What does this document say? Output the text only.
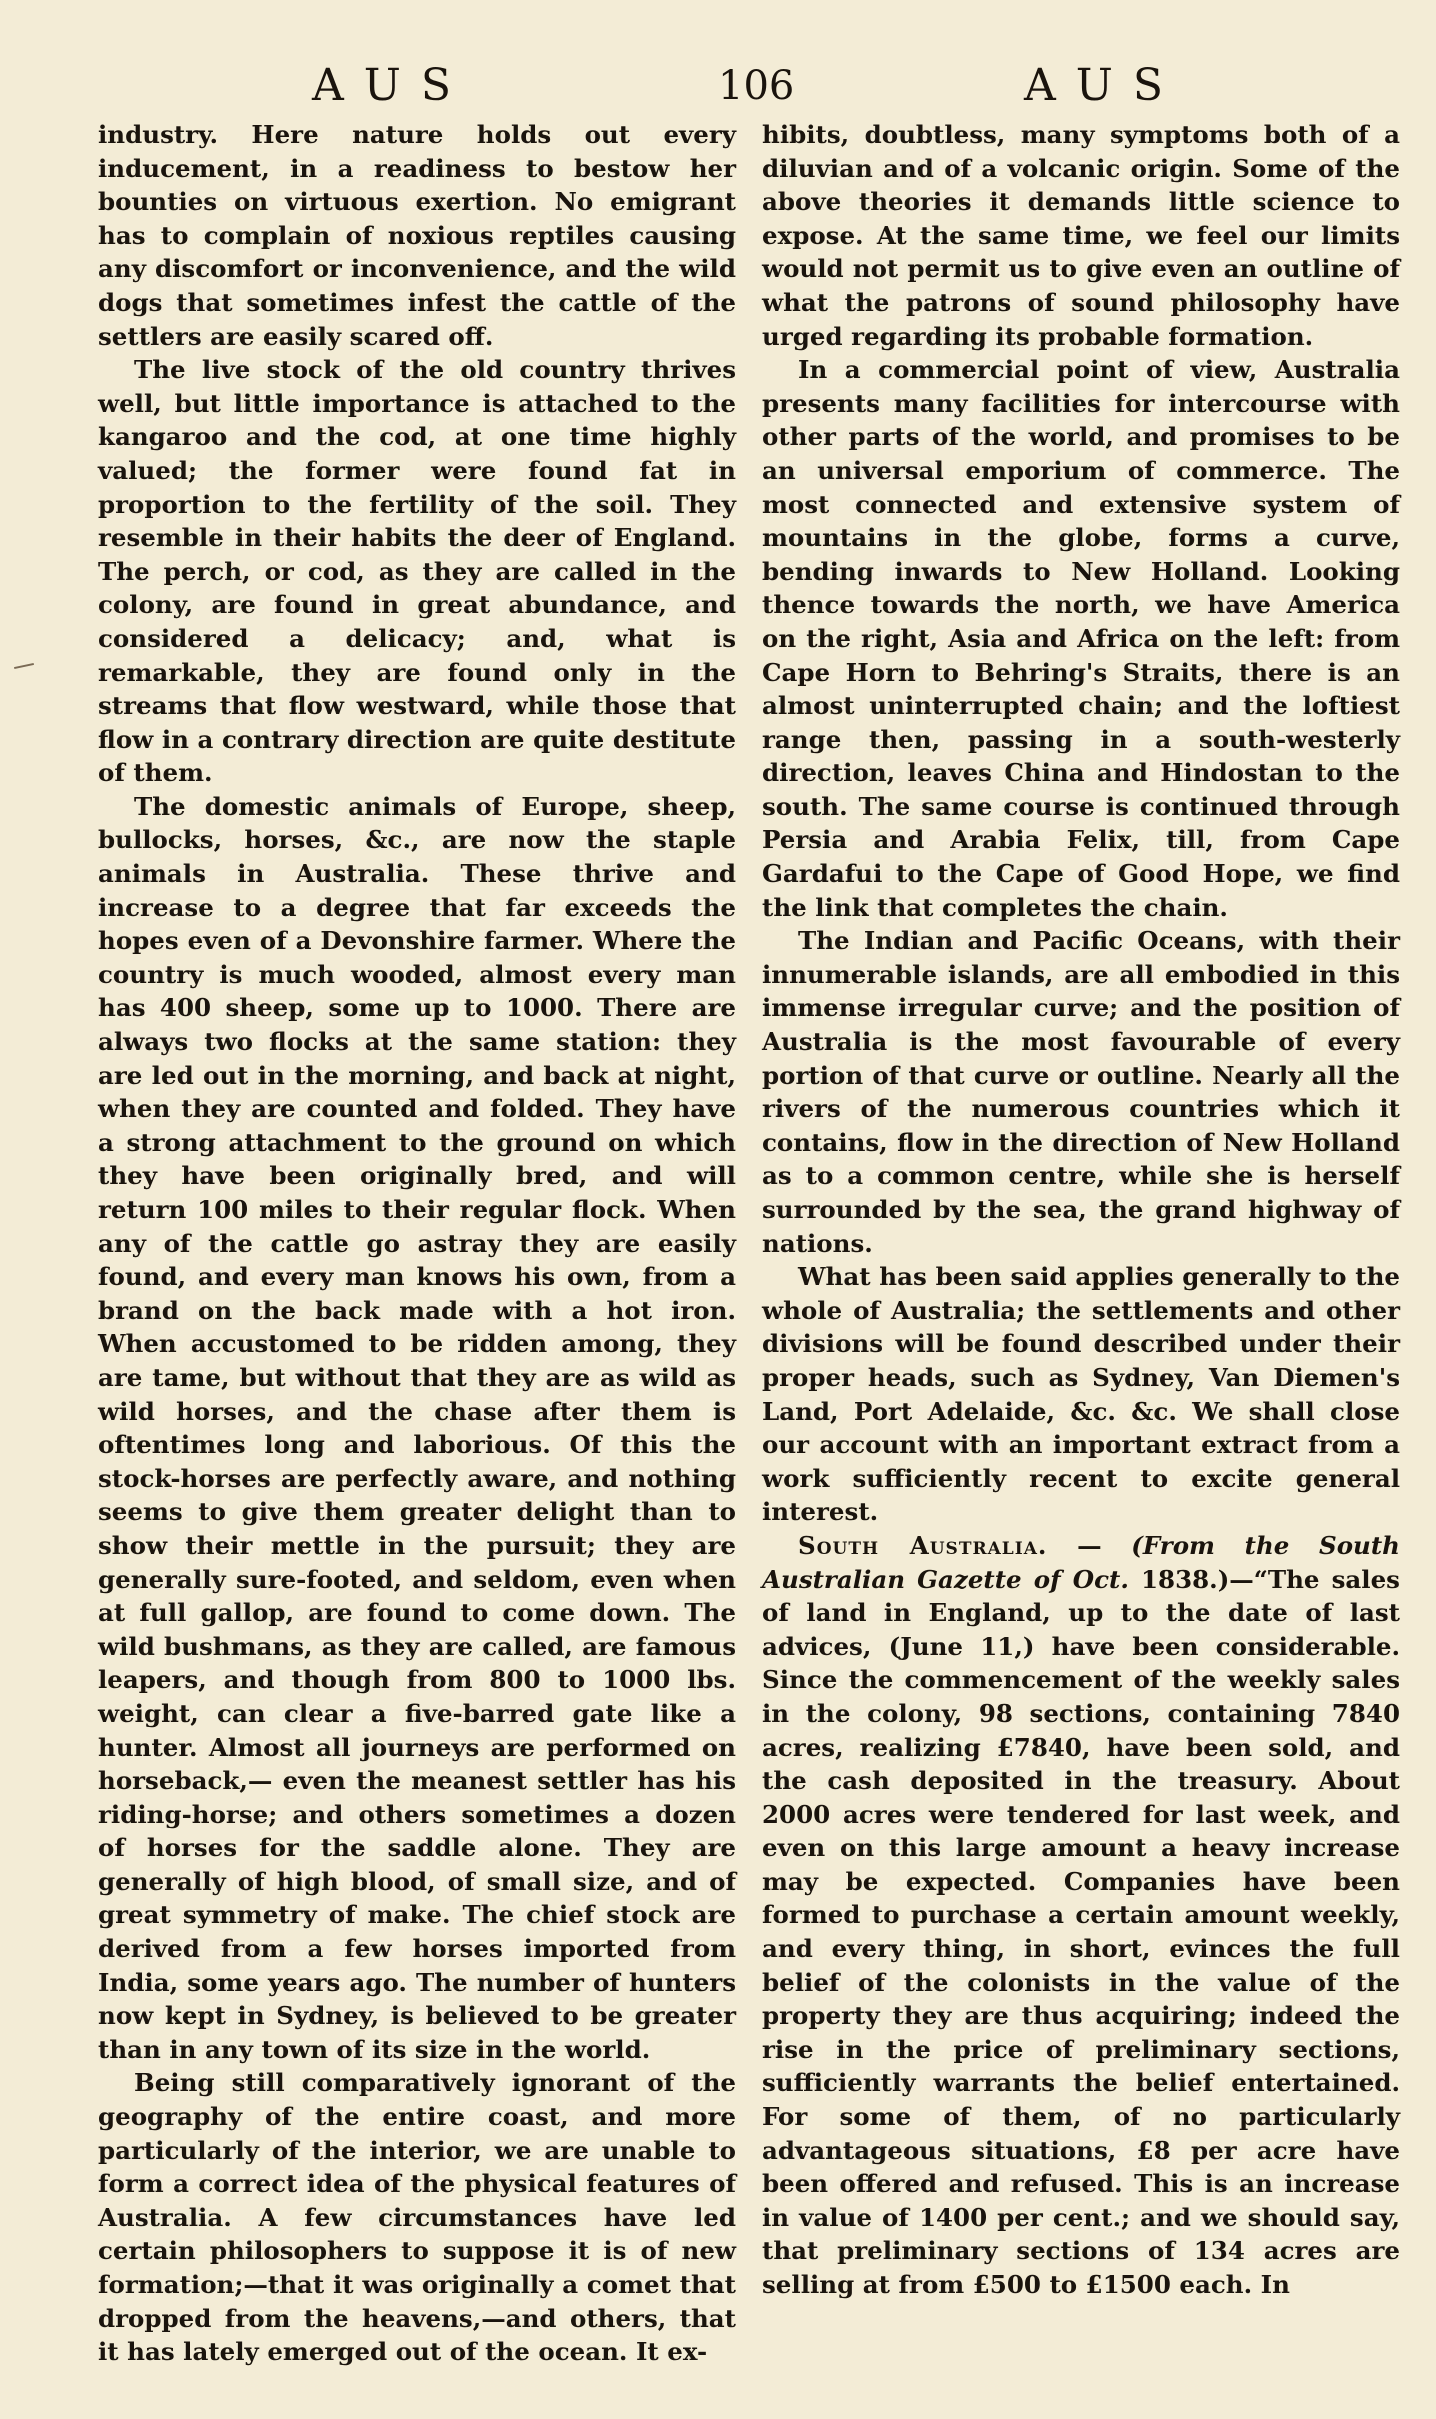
AUS	106	AUS

industry. Here nature holds out every inducement, in a readiness to bestow her bounties on virtuous exertion. No emigrant has to complain of noxious reptiles causing any discomfort or inconvenience, and the wild dogs that sometimes infest the cattle of the settlers are easily scared off.

The live stock of the old country thrives well, but little importance is attached to the kangaroo and the cod, at one time highly valued; the former were found fat in proportion to the fertility of the soil. They resemble in their habits the deer of England. The perch, or cod, as they are called in the colony, are found in great abundance, and considered a delicacy; and, what is remarkable, they are found only in the streams that flow westward, while those that flow in a contrary direction are quite destitute of them.

The domestic animals of Europe, sheep, bullocks, horses, &c., are now the staple animals in Australia. These thrive and increase to a degree that far exceeds the hopes even of a Devonshire farmer. Where the country is much wooded, almost every man has 400 sheep, some up to 1000. There are always two flocks at the same station: they are led out in the morning, and back at night, when they are counted and folded. They have a strong attachment to the ground on which they have been originally bred, and will return 100 miles to their regular flock. When any of the cattle go astray they are easily found, and every man knows his own, from a brand on the back made with a hot iron. When accustomed to be ridden among, they are tame, but without that they are as wild as wild horses, and the chase after them is oftentimes long and laborious. Of this the stock-horses are perfectly aware, and nothing seems to give them greater delight than to show their mettle in the pursuit; they are generally sure-footed, and seldom, even when at full gallop, are found to come down. The wild bushmans, as they are called, are famous leapers, and though from 800 to 1000 lbs. weight, can clear a five-barred gate like a hunter. Almost all journeys are performed on horseback,— even the meanest settler has his riding-horse; and others sometimes a dozen of horses for the saddle alone. They are generally of high blood, of small size, and of great symmetry of make. The chief stock are derived from a few horses imported from India, some years ago. The number of hunters now kept in Sydney, is believed to be greater than in any town of its size in the world.

Being still comparatively ignorant of the geography of the entire coast, and more particularly of the interior, we are unable to form a correct idea of the physical features of Australia. A few circumstances have led certain philosophers to suppose it is of new formation;—that it was originally a comet that dropped from the heavens,—and others, that it has lately emerged out of the ocean. It ex-

hibits, doubtless, many symptoms both of a diluvian and of a volcanic origin. Some of the above theories it demands little science to expose. At the same time, we feel our limits would not permit us to give even an outline of what the patrons of sound philosophy have urged regarding its probable formation.

In a commercial point of view, Australia presents many facilities for intercourse with other parts of the world, and promises to be an universal emporium of commerce. The most connected and extensive system of mountains in the globe, forms a curve, bending inwards to New Holland. Looking thence towards the north, we have America on the right, Asia and Africa on the left: from Cape Horn to Behring's Straits, there is an almost uninterrupted chain; and the loftiest range then, passing in a south-westerly direction, leaves China and Hindostan to the south. The same course is continued through Persia and Arabia Felix, till, from Cape Gardafui to the Cape of Good Hope, we find the link that completes the chain.

The Indian and Pacific Oceans, with their innumerable islands, are all embodied in this immense irregular curve; and the position of Australia is the most favourable of every portion of that curve or outline. Nearly all the rivers of the numerous countries which it contains, flow in the direction of New Holland as to a common centre, while she is herself surrounded by the sea, the grand highway of nations.

What has been said applies generally to the whole of Australia; the settlements and other divisions will be found described under their proper heads, such as Sydney, Van Diemen's Land, Port Adelaide, &c. &c. We shall close our account with an important extract from a work sufficiently recent to excite general interest.

South Australia. — (From the South Australian Gazette of Oct. 1838.)—“The sales of land in England, up to the date of last advices, (June 11,) have been considerable. Since the commencement of the weekly sales in the colony, 98 sections, containing 7840 acres, realizing £7840, have been sold, and the cash deposited in the treasury. About 2000 acres were tendered for last week, and even on this large amount a heavy increase may be expected. Companies have been formed to purchase a certain amount weekly, and every thing, in short, evinces the full belief of the colonists in the value of the property they are thus acquiring; indeed the rise in the price of preliminary sections, sufficiently warrants the belief entertained. For some of them, of no particularly advantageous situations, £8 per acre have been offered and refused. This is an increase in value of 1400 per cent.; and we should say, that preliminary sections of 134 acres are selling at from £500 to £1500 each. In
